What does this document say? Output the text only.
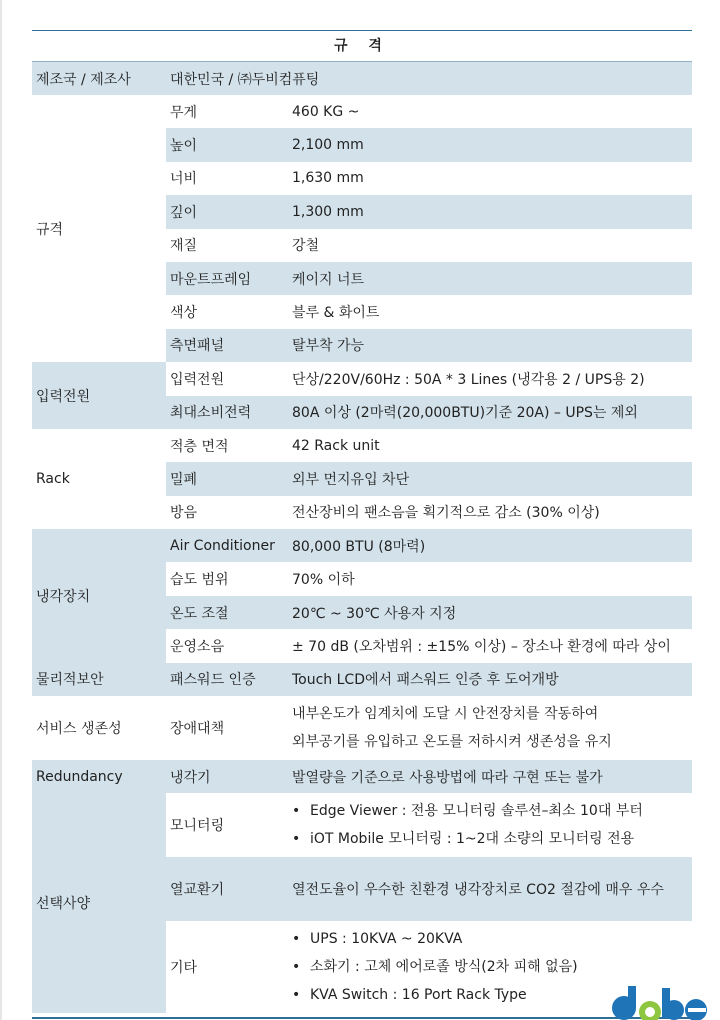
규 격
제조국 / 제조사	대한민국 / ㈜두비컴퓨팅	
규격	무게	460 KG ~
	높이	2,100 mm
	너비	1,630 mm
	깊이	1,300 mm
	재질	강철
	마운트프레임	케이지 너트
	색상	블루 & 화이트
	측면패널	탈부착 가능
입력전원	입력전원	단상/220V/60Hz : 50A * 3 Lines (냉각용 2 / UPS용 2)
	최대소비전력	80A 이상 (2마력(20,000BTU)기준 20A) – UPS는 제외
Rack	적층 면적	42 Rack unit
	밀폐	외부 먼지유입 차단
	방음	전산장비의 팬소음을 획기적으로 감소 (30% 이상)
냉각장치	Air Conditioner	80,000 BTU (8마력)
	습도 범위	70% 이하
	온도 조절	20℃ ~ 30℃ 사용자 지정
	운영소음	± 70 dB (오차범위 : ±15% 이상) – 장소나 환경에 따라 상이
물리적보안	패스워드 인증	Touch LCD에서 패스워드 인증 후 도어개방
서비스 생존성	장애대책	내부온도가 임계치에 도달 시 안전장치를 작동하여
외부공기를 유입하고 온도를 저하시켜 생존성을 유지

Redundancy	냉각기	발열량을 기준으로 사용방법에 따라 구현 또는 불가
선택사양	모니터링	• Edge Viewer : 전용 모니터링 솔루션–최소 10대 부터
• iOT Mobile 모니터링 : 1~2대 소량의 모니터링 전용

	열교환기	열전도율이 우수한 친환경 냉각장치로 CO2 절감에 매우 우수
	기타	• UPS : 10KVA ~ 20KVA
• 소화기 : 고체 에어로졸 방식(2차 피해 없음)
• KVA Switch : 16 Port Rack Type
